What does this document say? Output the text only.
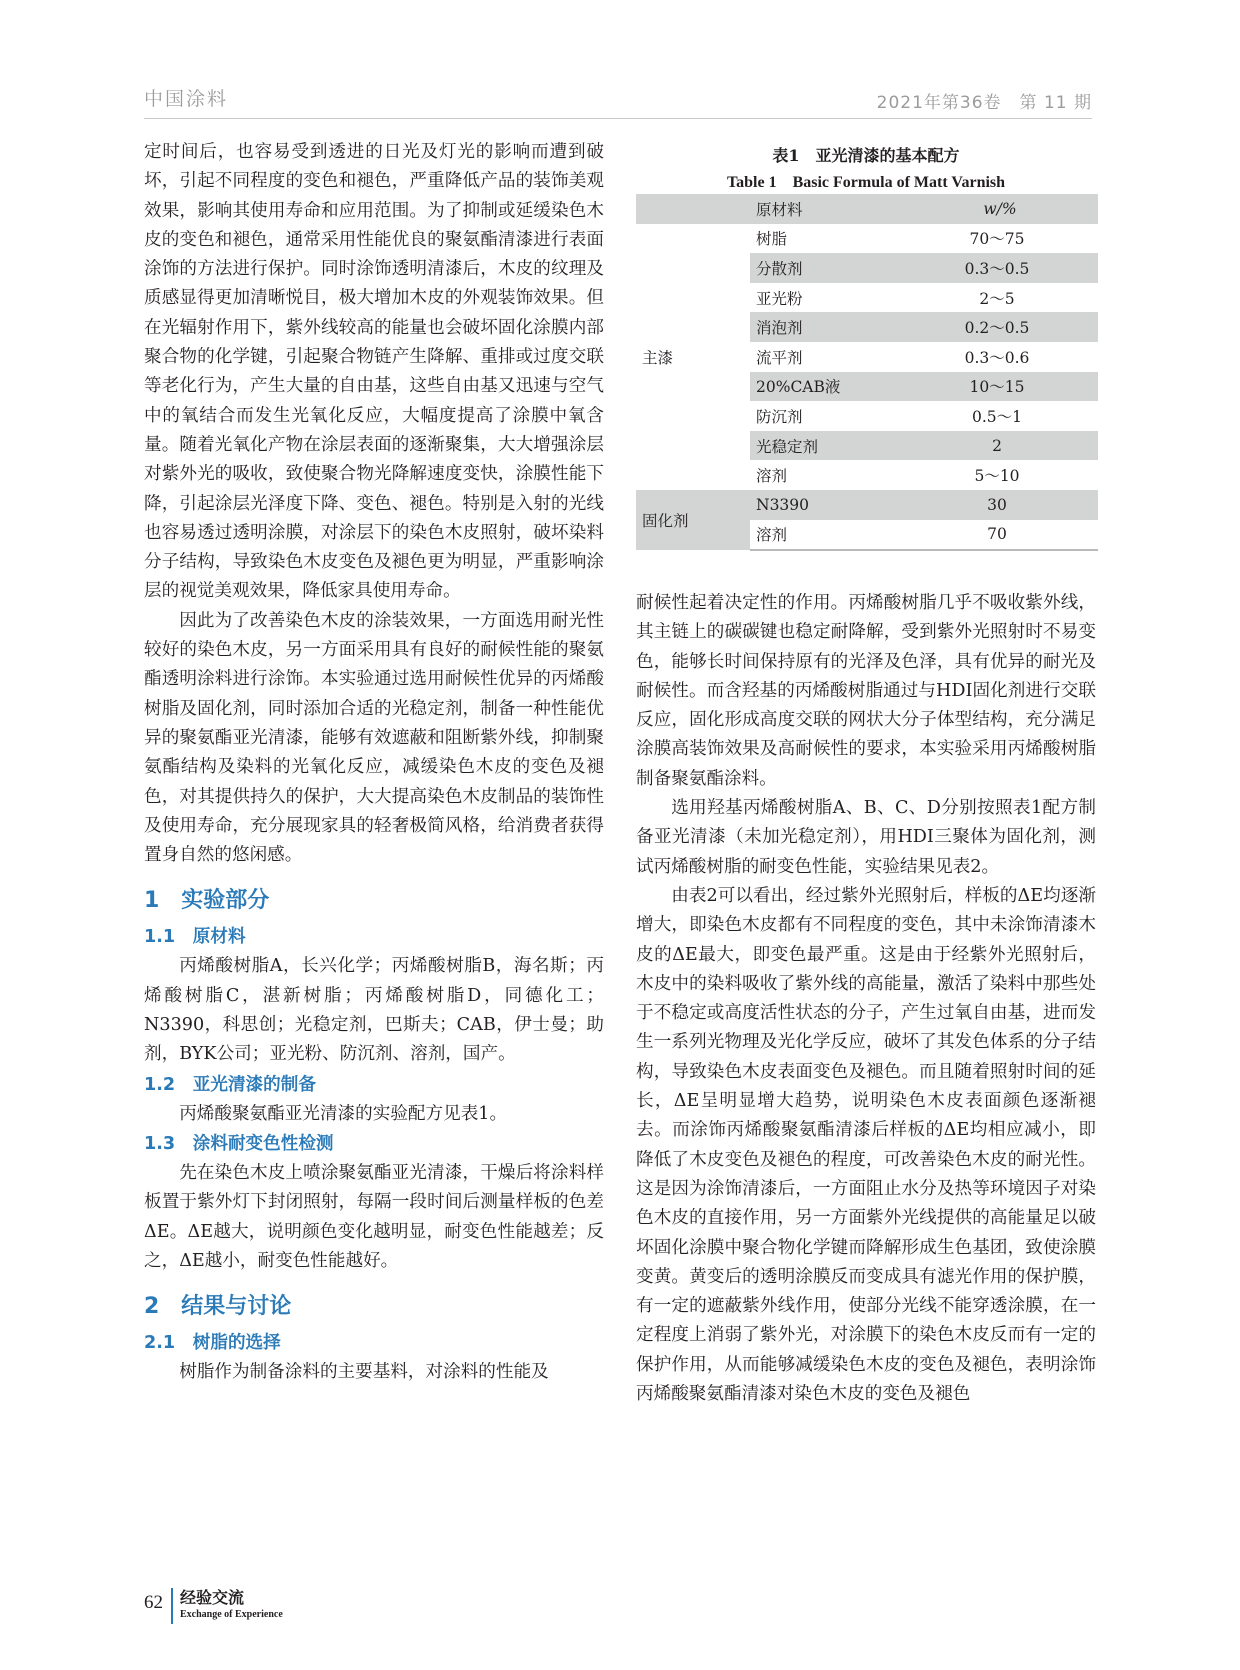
中国涂料	2021年第36卷　第 11 期

定时间后，也容易受到透进的日光及灯光的影响而遭到破坏，引起不同程度的变色和褪色，严重降低产品的装饰美观效果，影响其使用寿命和应用范围。为了抑制或延缓染色木皮的变色和褪色，通常采用性能优良的聚氨酯清漆进行表面涂饰的方法进行保护。同时涂饰透明清漆后，木皮的纹理及质感显得更加清晰悦目，极大增加木皮的外观装饰效果。但在光辐射作用下，紫外线较高的能量也会破坏固化涂膜内部聚合物的化学键，引起聚合物链产生降解、重排或过度交联等老化行为，产生大量的自由基，这些自由基又迅速与空气中的氧结合而发生光氧化反应，大幅度提高了涂膜中氧含量。随着光氧化产物在涂层表面的逐渐聚集，大大增强涂层对紫外光的吸收，致使聚合物光降解速度变快，涂膜性能下降，引起涂层光泽度下降、变色、褪色。特别是入射的光线也容易透过透明涂膜，对涂层下的染色木皮照射，破坏染料分子结构，导致染色木皮变色及褪色更为明显，严重影响涂层的视觉美观效果，降低家具使用寿命。

因此为了改善染色木皮的涂装效果，一方面选用耐光性较好的染色木皮，另一方面采用具有良好的耐候性能的聚氨酯透明涂料进行涂饰。本实验通过选用耐候性优异的丙烯酸树脂及固化剂，同时添加合适的光稳定剂，制备一种性能优异的聚氨酯亚光清漆，能够有效遮蔽和阻断紫外线，抑制聚氨酯结构及染料的光氧化反应，减缓染色木皮的变色及褪色，对其提供持久的保护，大大提高染色木皮制品的装饰性及使用寿命，充分展现家具的轻奢极简风格，给消费者获得置身自然的悠闲感。

1　实验部分
1.1　原材料

丙烯酸树脂A，长兴化学；丙烯酸树脂B，海名斯；丙烯酸树脂C，湛新树脂；丙烯酸树脂D，同德化工；N3390，科思创；光稳定剂，巴斯夫；CAB，伊士曼；助剂，BYK公司；亚光粉、防沉剂、溶剂，国产。

1.2　亚光清漆的制备

丙烯酸聚氨酯亚光清漆的实验配方见表1。

1.3　涂料耐变色性检测

先在染色木皮上喷涂聚氨酯亚光清漆，干燥后将涂料样板置于紫外灯下封闭照射，每隔一段时间后测量样板的色差ΔE。ΔE越大，说明颜色变化越明显，耐变色性能越差；反之，ΔE越小，耐变色性能越好。

2　结果与讨论
2.1　树脂的选择

树脂作为制备涂料的主要基料，对涂料的性能及

表1　亚光清漆的基本配方
Table 1　Basic Formula of Matt Varnish
	原材料	w/%
主漆	树脂	70～75
	分散剂	0.3～0.5
	亚光粉	2～5
	消泡剂	0.2～0.5
	流平剂	0.3～0.6
	20%CAB液	10～15
	防沉剂	0.5～1
	光稳定剂	2
	溶剂	5～10
固化剂	N3390	30
	溶剂	70

耐候性起着决定性的作用。丙烯酸树脂几乎不吸收紫外线，其主链上的碳碳键也稳定耐降解，受到紫外光照射时不易变色，能够长时间保持原有的光泽及色泽，具有优异的耐光及耐候性。而含羟基的丙烯酸树脂通过与HDI固化剂进行交联反应，固化形成高度交联的网状大分子体型结构，充分满足涂膜高装饰效果及高耐候性的要求，本实验采用丙烯酸树脂制备聚氨酯涂料。

选用羟基丙烯酸树脂A、B、C、D分别按照表1配方制备亚光清漆（未加光稳定剂），用HDI三聚体为固化剂，测试丙烯酸树脂的耐变色性能，实验结果见表2。

由表2可以看出，经过紫外光照射后，样板的ΔE均逐渐增大，即染色木皮都有不同程度的变色，其中未涂饰清漆木皮的ΔE最大，即变色最严重。这是由于经紫外光照射后，木皮中的染料吸收了紫外线的高能量，激活了染料中那些处于不稳定或高度活性状态的分子，产生过氧自由基，进而发生一系列光物理及光化学反应，破坏了其发色体系的分子结构，导致染色木皮表面变色及褪色。而且随着照射时间的延长，ΔE呈明显增大趋势，说明染色木皮表面颜色逐渐褪去。而涂饰丙烯酸聚氨酯清漆后样板的ΔE均相应减小，即降低了木皮变色及褪色的程度，可改善染色木皮的耐光性。这是因为涂饰清漆后，一方面阻止水分及热等环境因子对染色木皮的直接作用，另一方面紫外光线提供的高能量足以破坏固化涂膜中聚合物化学键而降解形成生色基团，致使涂膜变黄。黄变后的透明涂膜反而变成具有滤光作用的保护膜，有一定的遮蔽紫外线作用，使部分光线不能穿透涂膜，在一定程度上消弱了紫外光，对涂膜下的染色木皮反而有一定的保护作用，从而能够减缓染色木皮的变色及褪色，表明涂饰丙烯酸聚氨酯清漆对染色木皮的变色及褪色

62 经验交流
Exchange of Experience
